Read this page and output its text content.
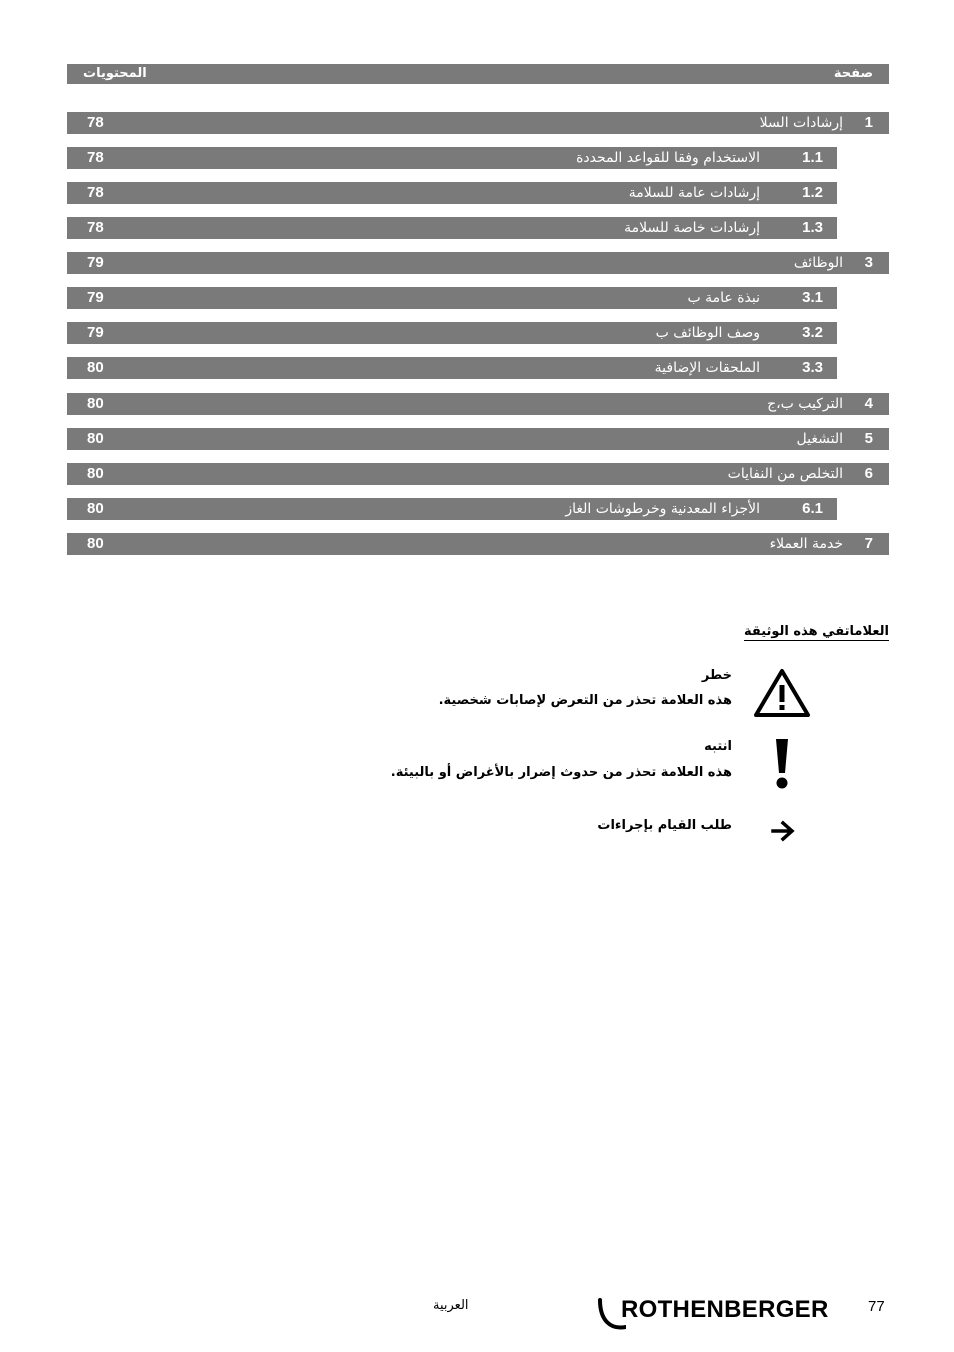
المحتويات	صفحة
78	إرشادات السلا 1
78	الاستخدام وفقا للقواعد المحددة	1.1
78	إرشادات عامة للسلامة	1.2
78	إرشادات خاصة للسلامة	1.3
79	الوظائف 3
79	نبذة عامة ب	3.1
79	وصف الوظائف ب	3.2
80	الملحقات الإضافية	3.3
80	التركيب ب،ج 4
80	التشغيل 5
80	التخلص من النفايات 6
80	الأجزاء المعدنية وخرطوشات الغاز	6.1
80	خدمة العملاء 7
العلاماتفي هذه الوثيقة
خطر
هذه العلامة تحذر من التعرض لإصابات شخصية.
انتبه
هذه العلامة تحذر من حدوث إضرار بالأغراض أو بالبيئة.
طلب القيام بإجراءات
العربية	ROTHENBERGER	77
